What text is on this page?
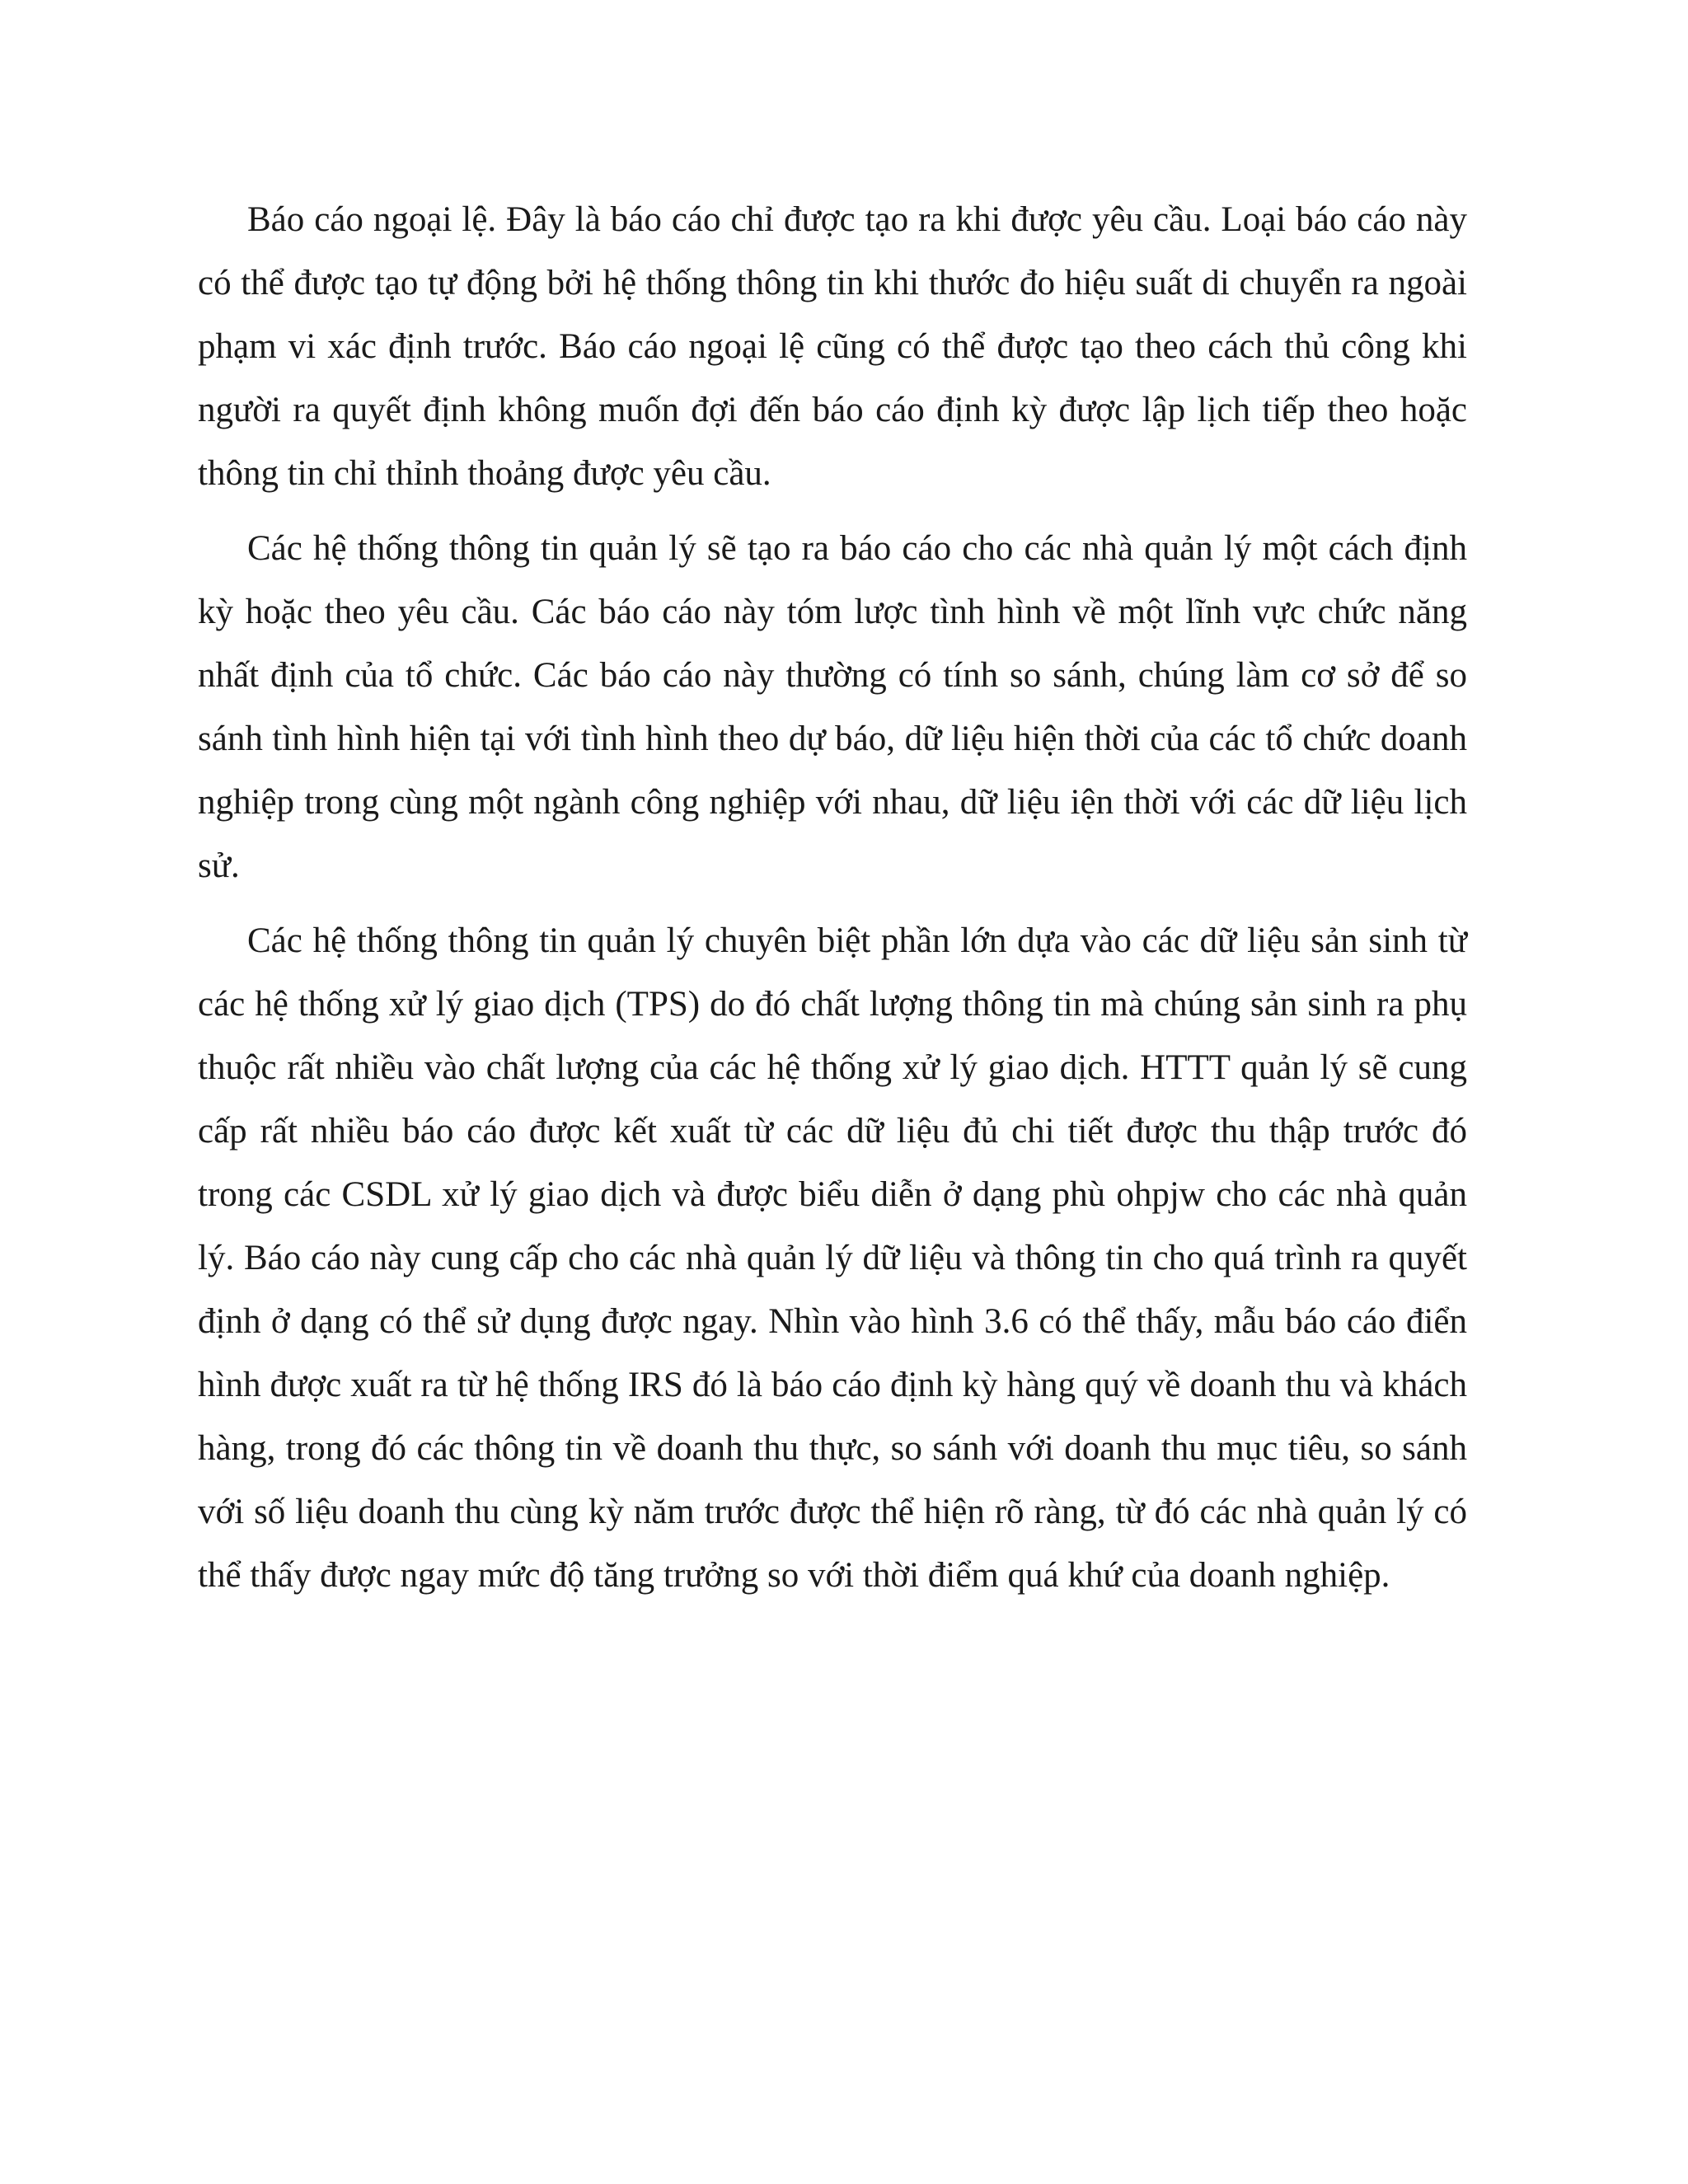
Báo cáo ngoại lệ. Đây là báo cáo chỉ được tạo ra khi được yêu cầu. Loại báo cáo này có thể được tạo tự động bởi hệ thống thông tin khi thước đo hiệu suất di chuyển ra ngoài phạm vi xác định trước. Báo cáo ngoại lệ cũng có thể được tạo theo cách thủ công khi người ra quyết định không muốn đợi đến báo cáo định kỳ được lập lịch tiếp theo hoặc thông tin chỉ thỉnh thoảng được yêu cầu.

Các hệ thống thông tin quản lý sẽ tạo ra báo cáo cho các nhà quản lý một cách định kỳ hoặc theo yêu cầu. Các báo cáo này tóm lược tình hình về một lĩnh vực chức năng nhất định của tổ chức. Các báo cáo này thường có tính so sánh, chúng làm cơ sở để so sánh tình hình hiện tại với tình hình theo dự báo, dữ liệu hiện thời của các tổ chức doanh nghiệp trong cùng một ngành công nghiệp với nhau, dữ liệu iện thời với các dữ liệu lịch sử.

Các hệ thống thông tin quản lý chuyên biệt phần lớn dựa vào các dữ liệu sản sinh từ các hệ thống xử lý giao dịch (TPS) do đó chất lượng thông tin mà chúng sản sinh ra phụ thuộc rất nhiều vào chất lượng của các hệ thống xử lý giao dịch. HTTT quản lý sẽ cung cấp rất nhiều báo cáo được kết xuất từ các dữ liệu đủ chi tiết được thu thập trước đó trong các CSDL xử lý giao dịch và được biểu diễn ở dạng phù ohpjw cho các nhà quản lý. Báo cáo này cung cấp cho các nhà quản lý dữ liệu và thông tin cho quá trình ra quyết định ở dạng có thể sử dụng được ngay. Nhìn vào hình 3.6 có thể thấy, mẫu báo cáo điển hình được xuất ra từ hệ thống IRS đó là báo cáo định kỳ hàng quý về doanh thu và khách hàng, trong đó các thông tin về doanh thu thực, so sánh với doanh thu mục tiêu, so sánh với số liệu doanh thu cùng kỳ năm trước được thể hiện rõ ràng, từ đó các nhà quản lý có thể thấy được ngay mức độ tăng trưởng so với thời điểm quá khứ của doanh nghiệp.
